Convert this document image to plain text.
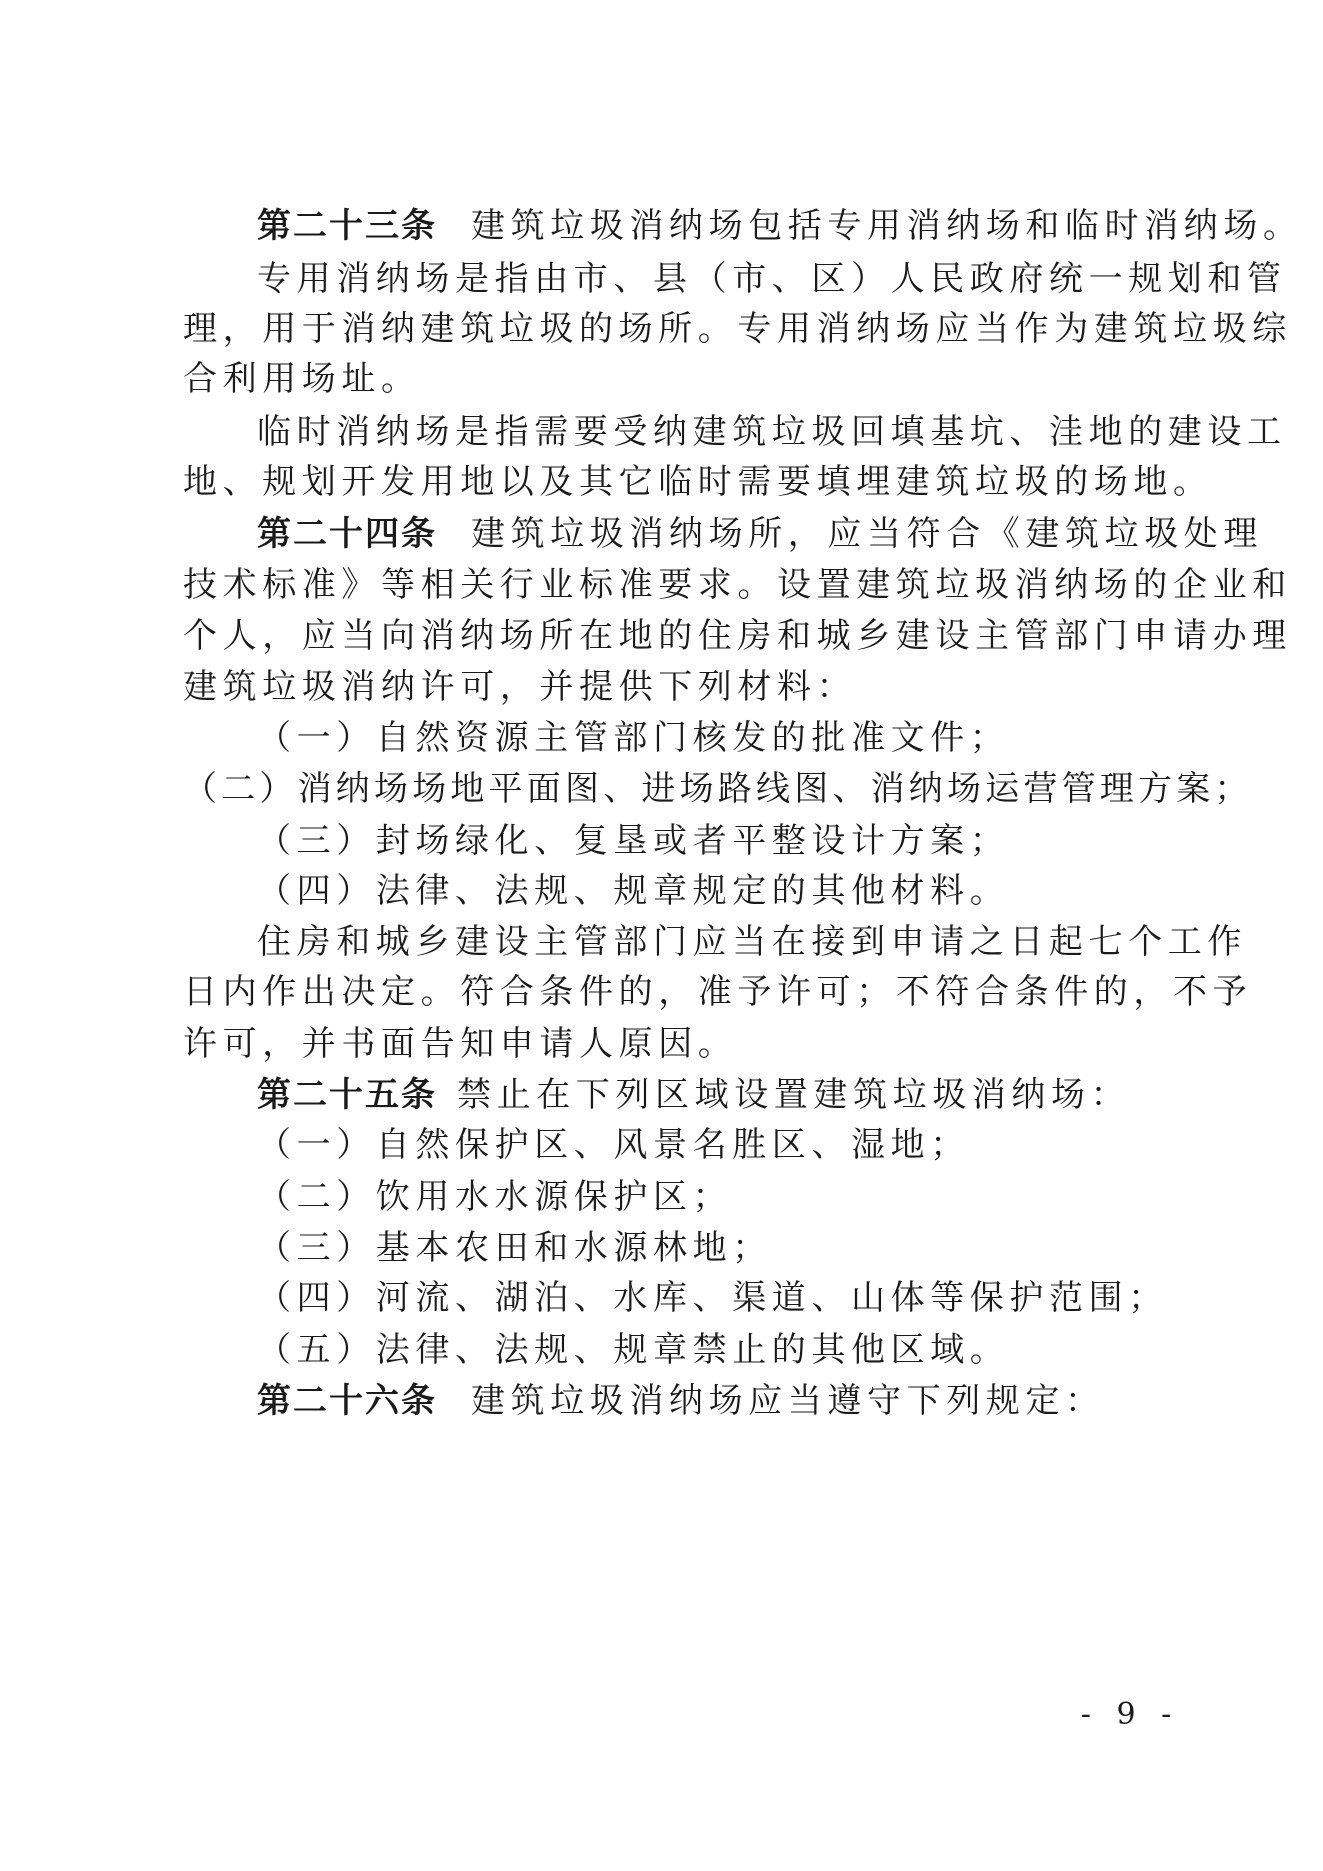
第二十三条 建筑垃圾消纳场包括专用消纳场和临时消纳场。
专用消纳场是指由市、县（市、区）人民政府统一规划和管
理，用于消纳建筑垃圾的场所。专用消纳场应当作为建筑垃圾综
合利用场址。
临时消纳场是指需要受纳建筑垃圾回填基坑、洼地的建设工
地、规划开发用地以及其它临时需要填埋建筑垃圾的场地。
第二十四条 建筑垃圾消纳场所，应当符合《建筑垃圾处理
技术标准》等相关行业标准要求。设置建筑垃圾消纳场的企业和
个人，应当向消纳场所在地的住房和城乡建设主管部门申请办理
建筑垃圾消纳许可，并提供下列材料：
（一）自然资源主管部门核发的批准文件；
（二）消纳场场地平面图、进场路线图、消纳场运营管理方案；
（三）封场绿化、复垦或者平整设计方案；
（四）法律、法规、规章规定的其他材料。
住房和城乡建设主管部门应当在接到申请之日起七个工作
日内作出决定。符合条件的，准予许可；不符合条件的，不予
许可，并书面告知申请人原因。
第二十五条 禁止在下列区域设置建筑垃圾消纳场：
（一）自然保护区、风景名胜区、湿地；
（二）饮用水水源保护区；
（三）基本农田和水源林地；
（四）河流、湖泊、水库、渠道、山体等保护范围；
（五）法律、法规、规章禁止的其他区域。
第二十六条 建筑垃圾消纳场应当遵守下列规定：
- 9 -
